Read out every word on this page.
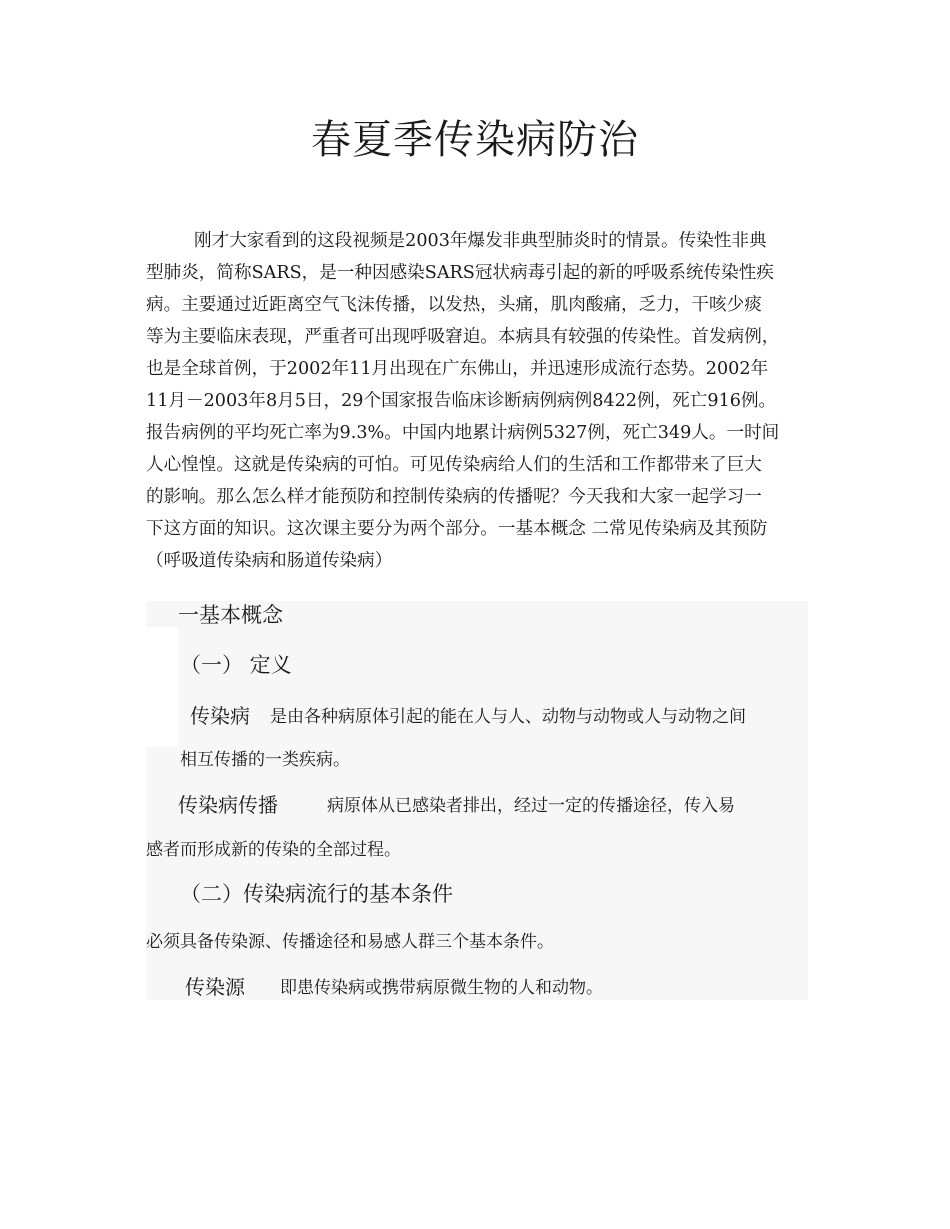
春夏季传染病防治
刚才大家看到的这段视频是2003年爆发非典型肺炎时的情景。传染性非典
型肺炎，简称SARS，是一种因感染SARS冠状病毒引起的新的呼吸系统传染性疾
病。主要通过近距离空气飞沫传播，以发热，头痛，肌肉酸痛，乏力，干咳少痰
等为主要临床表现，严重者可出现呼吸窘迫。本病具有较强的传染性。首发病例，
也是全球首例，于2002年11月出现在广东佛山，并迅速形成流行态势。2002年
11月－2003年8月5日，29个国家报告临床诊断病例病例8422例，死亡916例。
报告病例的平均死亡率为9.3%。中国内地累计病例5327例，死亡349人。一时间
人心惶惶。这就是传染病的可怕。可见传染病给人们的生活和工作都带来了巨大
的影响。那么怎么样才能预防和控制传染病的传播呢？今天我和大家一起学习一
下这方面的知识。这次课主要分为两个部分。一基本概念 二常见传染病及其预防
（呼吸道传染病和肠道传染病）
一基本概念
（一） 定义
传染病 是由各种病原体引起的能在人与人、动物与动物或人与动物之间
相互传播的一类疾病。
传染病传播	病原体从已感染者排出，经过一定的传播途径，传入易
感者而形成新的传染的全部过程。
（二）传染病流行的基本条件
必须具备传染源、传播途径和易感人群三个基本条件。
传染源 即患传染病或携带病原微生物的人和动物。
